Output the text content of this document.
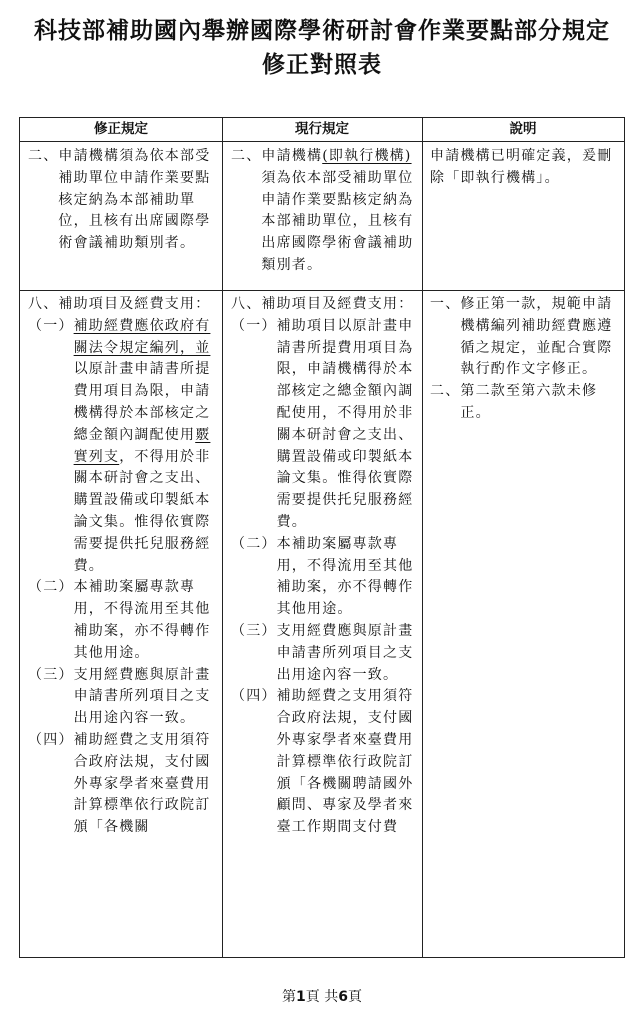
科技部補助國內舉辦國際學術研討會作業要點部分規定修正對照表
修正規定	現行規定	說明
二、 申請機構須為依本部受補助單位申請作業要點核定納為本部補助單位，且核有出席國際學術會議補助類別者。
二、 申請機構(即執行機構)須為依本部受補助單位申請作業要點核定納為本部補助單位，且核有出席國際學術會議補助類別者。
申請機構已明確定義，爰刪除「即執行機構」。
八、補助項目及經費支用：
（一） 補助經費應依政府有關法令規定編列，並以原計畫申請書所提費用項目為限，申請機構得於本部核定之總金額內調配使用覈實列支，不得用於非關本研討會之支出、購置設備或印製紙本論文集。惟得依實際需要提供托兒服務經費。
（二） 本補助案屬專款專用，不得流用至其他補助案，亦不得轉作其他用途。
（三） 支用經費應與原計畫申請書所列項目之支出用途內容一致。
（四） 補助經費之支用須符合政府法規，支付國外專家學者來臺費用計算標準依行政院訂頒「各機關
八、補助項目及經費支用：
（一） 補助項目以原計畫申請書所提費用項目為限，申請機構得於本部核定之總金額內調配使用，不得用於非關本研討會之支出、購置設備或印製紙本論文集。惟得依實際需要提供托兒服務經費。
（二） 本補助案屬專款專用，不得流用至其他補助案，亦不得轉作其他用途。
（三） 支用經費應與原計畫申請書所列項目之支出用途內容一致。
（四） 補助經費之支用須符合政府法規，支付國外專家學者來臺費用計算標準依行政院訂頒「各機關聘請國外顧問、專家及學者來臺工作期間支付費
一、 修正第一款，規範申請機構編列補助經費應遵循之規定，並配合實際執行酌作文字修正。
二、 第二款至第六款未修正。
第1頁 共6頁
